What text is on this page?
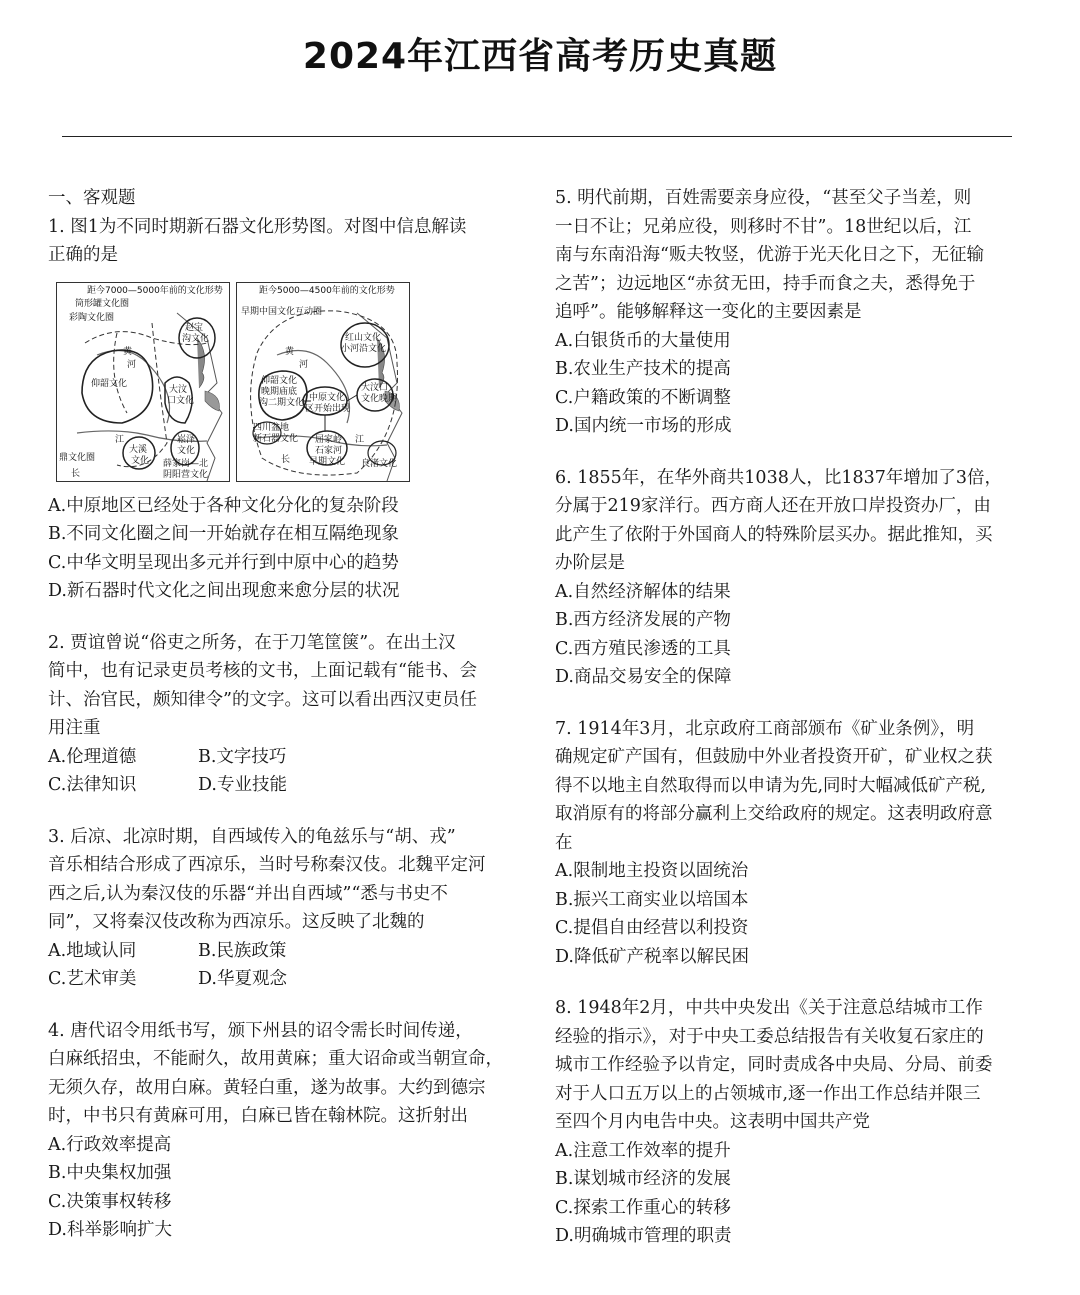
2024年江西省高考历史真题
一、客观题
1. 图1为不同时期新石器文化形势图。对图中信息解读
正确的是
距今7000—5000年前的文化形势
筒形罐文化圈
彩陶文化圈
赵宝
沟文化
黄
河
仰韶文化
大汶
口文化
江
大溪
文化
崧泽
文化
鼎文化圈
长
薛家岗—北
阴阳营文化
距今5000—4500年前的文化形势
早期中国文化互动圈
红山文化
小河沿文化
黄
河
仰韶文化
晚期庙底
沟二期文化
大汶口
文化晚期
中原文化
区开始出现
四川盆地
新石器文化 屈家岭
石家河
早期文化
江
长	良渚文化
A.中原地区已经处于各种文化分化的复杂阶段
B.不同文化圈之间一开始就存在相互隔绝现象
C.中华文明呈现出多元并行到中原中心的趋势
D.新石器时代文化之间出现愈来愈分层的状况
2. 贾谊曾说“俗吏之所务，在于刀笔筐箧”。在出土汉
简中，也有记录吏员考核的文书，上面记载有“能书、会
计、治官民，颇知律令”的文字。这可以看出西汉吏员任
用注重
A.伦理道德	B.文字技巧
C.法律知识	D.专业技能
3. 后凉、北凉时期，自西域传入的龟兹乐与“胡、戎”
音乐相结合形成了西凉乐，当时号称秦汉伎。北魏平定河
西之后,认为秦汉伎的乐器“并出自西域”“悉与书史不
同”，又将秦汉伎改称为西凉乐。这反映了北魏的
A.地域认同	B.民族政策
C.艺术审美	D.华夏观念
4. 唐代诏令用纸书写，颁下州县的诏令需长时间传递，
白麻纸招虫，不能耐久，故用黄麻；重大诏命或当朝宣命，
无须久存，故用白麻。黄轻白重，遂为故事。大约到德宗
时，中书只有黄麻可用，白麻已皆在翰林院。这折射出
A.行政效率提高
B.中央集权加强
C.决策事权转移
D.科举影响扩大
5. 明代前期，百姓需要亲身应役，“甚至父子当差，则
一日不让；兄弟应役，则移时不甘”。18世纪以后，江
南与东南沿海“贩夫牧竖，优游于光天化日之下，无征输
之苦”；边远地区“赤贫无田，持手而食之夫，悉得免于
追呼”。能够解释这一变化的主要因素是
A.白银货币的大量使用
B.农业生产技术的提高
C.户籍政策的不断调整
D.国内统一市场的形成
6. 1855年，在华外商共1038人，比1837年增加了3倍，
分属于219家洋行。西方商人还在开放口岸投资办厂，由
此产生了依附于外国商人的特殊阶层买办。据此推知，买
办阶层是
A.自然经济解体的结果
B.西方经济发展的产物
C.西方殖民渗透的工具
D.商品交易安全的保障
7. 1914年3月，北京政府工商部颁布《矿业条例》，明
确规定矿产国有，但鼓励中外业者投资开矿，矿业权之获
得不以地主自然取得而以申请为先,同时大幅减低矿产税,
取消原有的将部分赢利上交给政府的规定。这表明政府意
在
A.限制地主投资以固统治
B.振兴工商实业以培国本
C.提倡自由经营以利投资
D.降低矿产税率以解民困
8. 1948年2月，中共中央发出《关于注意总结城市工作
经验的指示》，对于中央工委总结报告有关收复石家庄的
城市工作经验予以肯定，同时责成各中央局、分局、前委
对于人口五万以上的占领城市,逐一作出工作总结并限三
至四个月内电告中央。这表明中国共产党
A.注意工作效率的提升
B.谋划城市经济的发展
C.探索工作重心的转移
D.明确城市管理的职责
